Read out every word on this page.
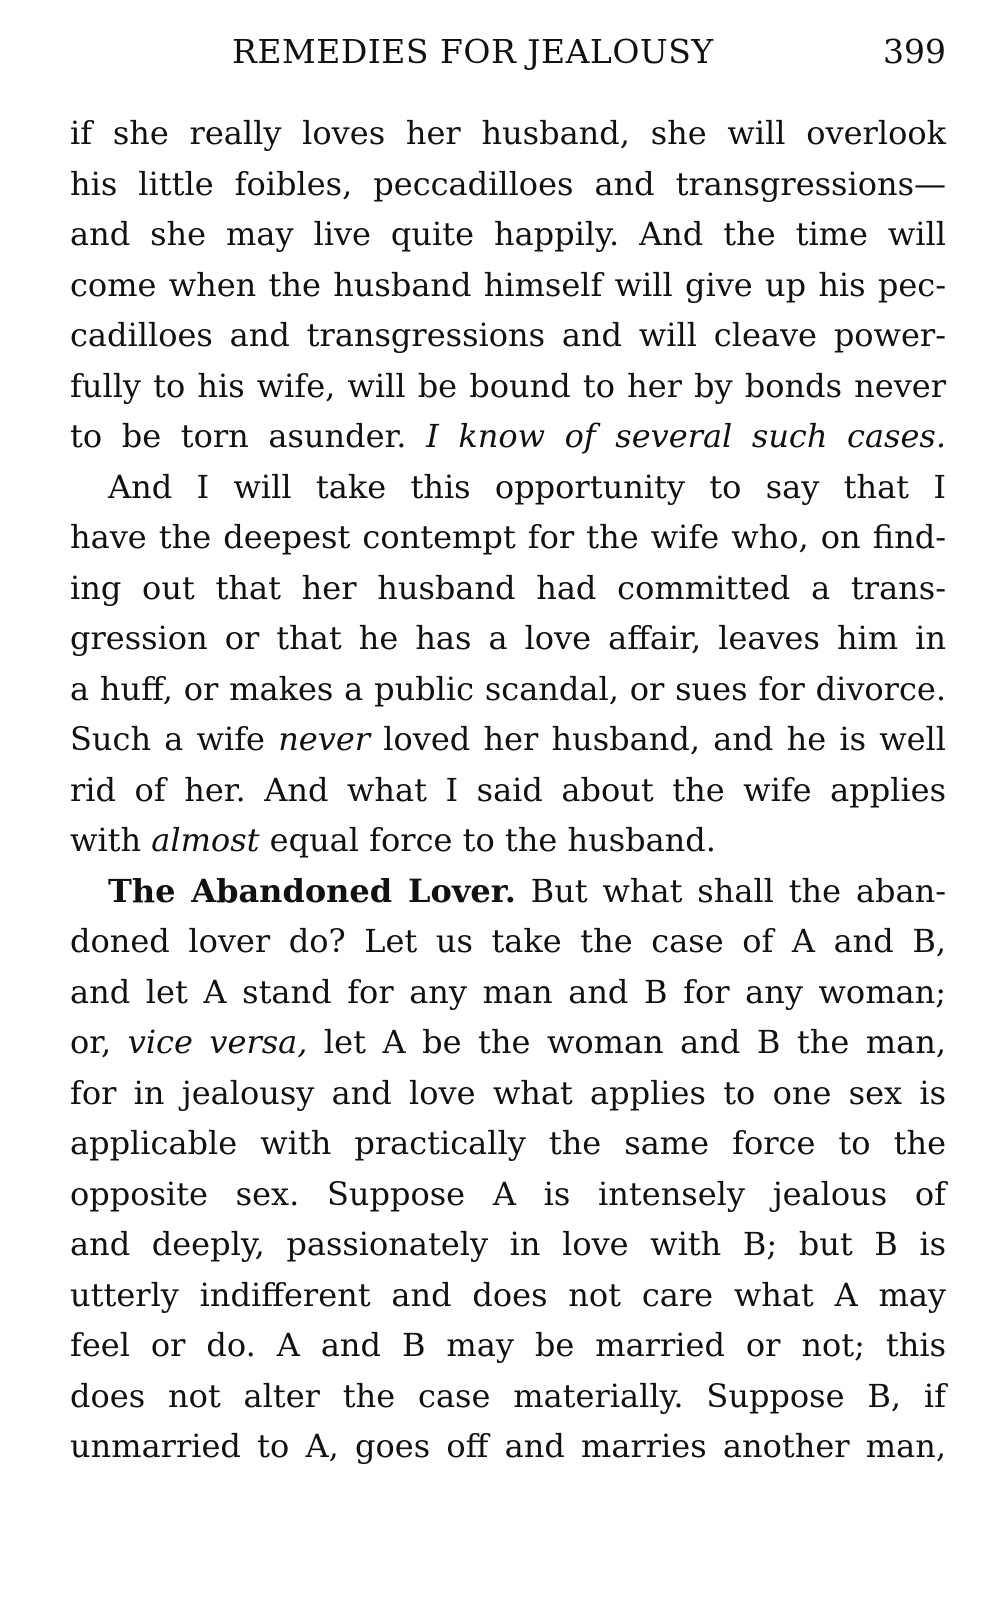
REMEDIES FOR JEALOUSY	399
if she really loves her husband, she will overlook
his little foibles, peccadilloes and transgressions—
and she may live quite happily. And the time will
come when the husband himself will give up his pec-
cadilloes and transgressions and will cleave power-
fully to his wife, will be bound to her by bonds never
to be torn asunder. I know of several such cases.
And I will take this opportunity to say that I
have the deepest contempt for the wife who, on find-
ing out that her husband had committed a trans-
gression or that he has a love affair, leaves him in
a huff, or makes a public scandal, or sues for divorce.
Such a wife never loved her husband, and he is well
rid of her. And what I said about the wife applies
with almost equal force to the husband.
The Abandoned Lover. But what shall the aban-
doned lover do? Let us take the case of A and B,
and let A stand for any man and B for any woman;
or, vice versa, let A be the woman and B the man,
for in jealousy and love what applies to one sex is
applicable with practically the same force to the
opposite sex. Suppose A is intensely jealous of
and deeply, passionately in love with B; but B is
utterly indifferent and does not care what A may
feel or do. A and B may be married or not; this
does not alter the case materially. Suppose B, if
unmarried to A, goes off and marries another man,
